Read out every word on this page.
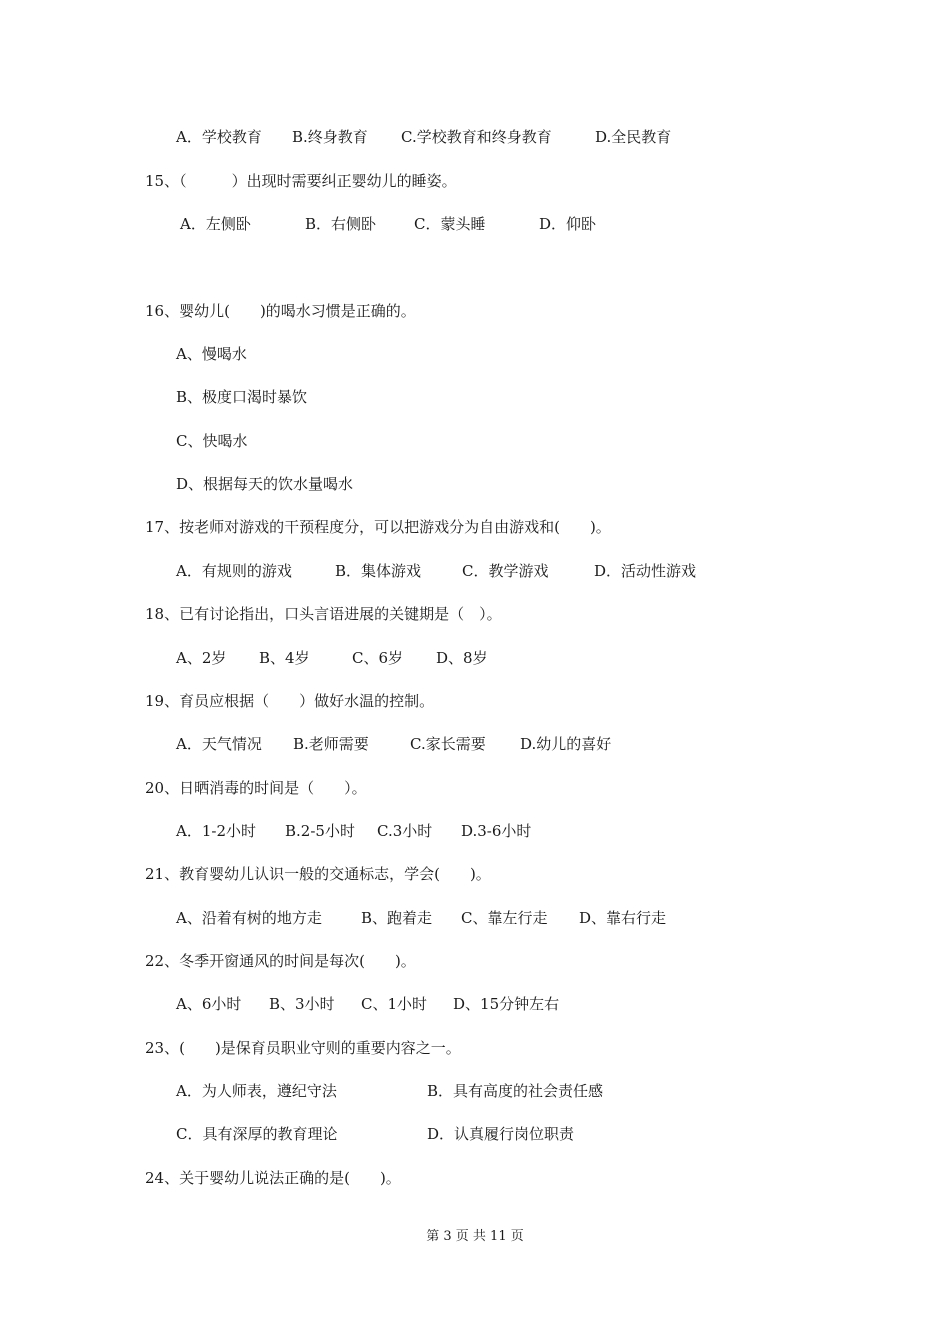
A．学校教育 B.终身教育 C.学校教育和终身教育	D.全民教育
15、（　　　）出现时需要纠正婴幼儿的睡姿。
A．左侧卧	B．右侧卧	C．蒙头睡	D．仰卧
16、婴幼儿(　　)的喝水习惯是正确的。
A、慢喝水
B、极度口渴时暴饮
C、快喝水
D、根据每天的饮水量喝水
17、按老师对游戏的干预程度分，可以把游戏分为自由游戏和(　　)。
A．有规则的游戏	B．集体游戏	C．教学游戏	D．活动性游戏
18、已有讨论指出，口头言语进展的关键期是（　）。
A、2岁 B、4岁	C、6岁 D、8岁
19、育员应根据（　　）做好水温的控制。
A．天气情况 B.老师需要	C.家长需要 D.幼儿的喜好
20、日晒消毒的时间是（　　）。
A．1-2小时 B.2-5小时 C.3小时 D.3-6小时
21、教育婴幼儿认识一般的交通标志，学会(　　)。
A、沿着有树的地方走	B、跑着走 C、靠左行走 D、靠右行走
22、冬季开窗通风的时间是每次(　　)。
A、6小时 B、3小时 C、1小时 D、15分钟左右
23、(　　)是保育员职业守则的重要内容之一。
A．为人师表，遵纪守法	B．具有高度的社会责任感
C．具有深厚的教育理论	D．认真履行岗位职责
24、关于婴幼儿说法正确的是(　　)。
第 3 页 共 11 页
